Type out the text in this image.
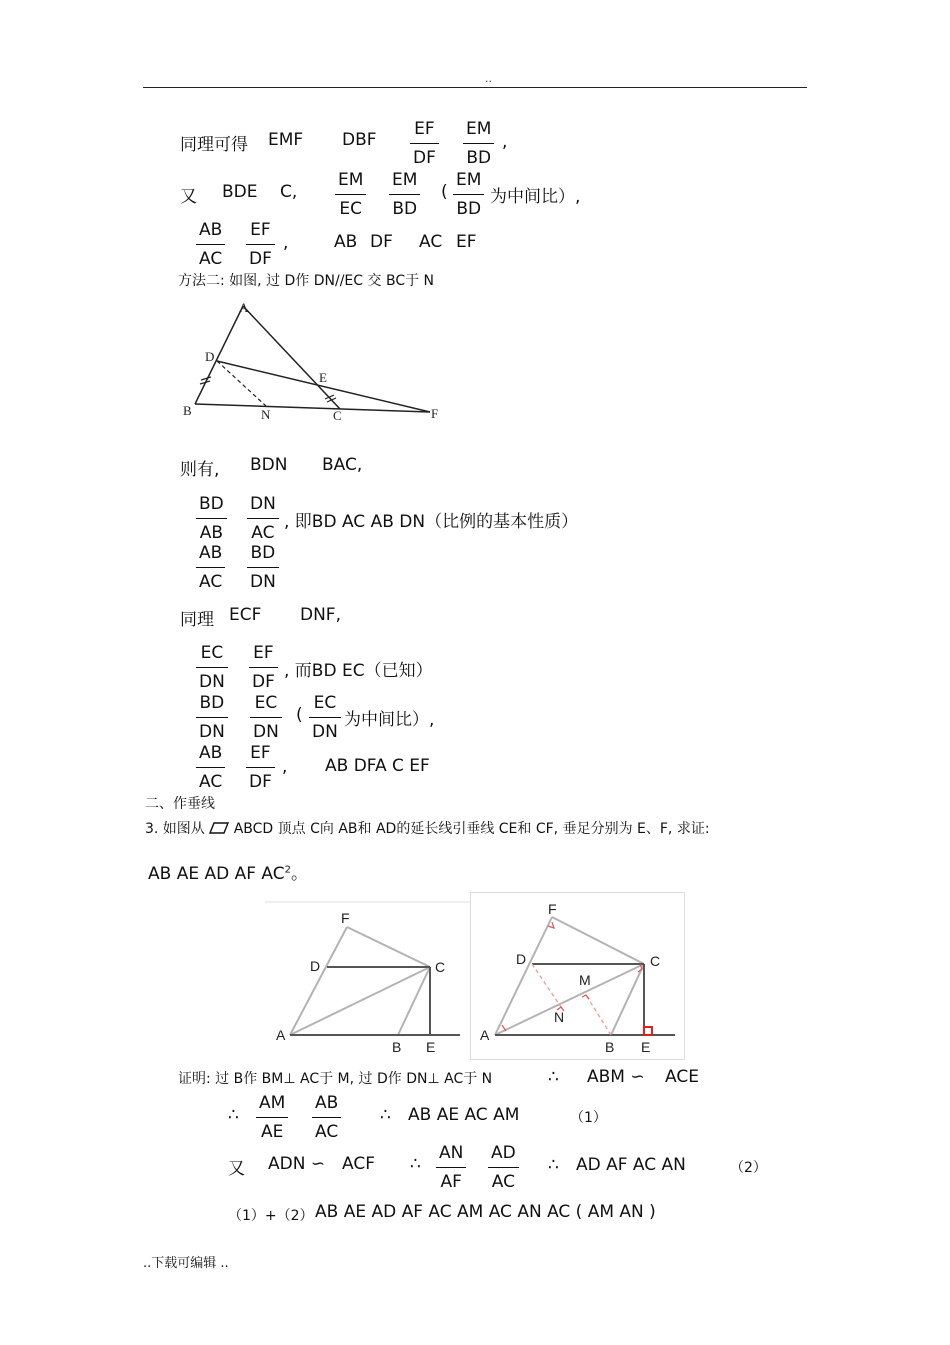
..
同理可得 EMF DBF
EF
DF
EM
BD
,
又 BDE C,
EM
EC
EM
BD
(
EM
BD
为中间比）,
AB
AC
EF
DF
,	AB DF AC EF
方法二: 如图, 过 D作 DN//EC 交 BC于 N
A
D
E
B	N	C	F
则有, BDN BAC,
BD
AB
DN
AC
, 即BD AC AB DN（比例的基本性质）
AB
AC
BD
DN
同理 ECF DNF,
EC
DN
EF
DF
, 而BD EC（已知）
BD
DN
EC
DN
(
EC
DN
为中间比）,
AB
AC
EF
DF
, AB DFA C EF
二、作垂线
3. 如图从 ABCD 顶点 C向 AB和 AD的延长线引垂线 CE和 CF, 垂足分别为 E、F, 求证:
AB AE AD AF $AC^2$。
F
D	C
A
B E
F
D	C
M
N
A
B E
证明: 过 B作 BM⊥ AC于 M, 过 D作 DN⊥ AC于 N	∴ ABM ∽ ACE
∴
AM
AE
AB
AC
∴ AB AE AC AM	（1）
又 ADN ∽ ACF ∴
AN
AF
AD
AC
∴ AD AF AC AN	（2）
（1）+（2） AB AE AD AF AC AM AC AN AC ( AM AN )
..下载可编辑 ..
